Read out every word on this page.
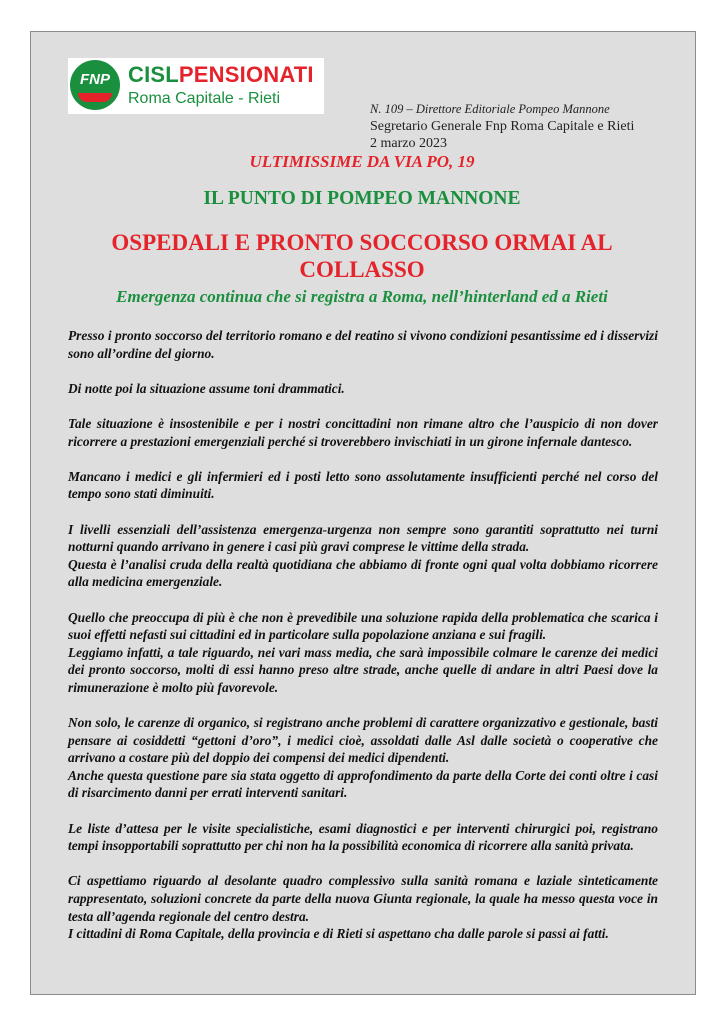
FNP CISLPENSIONATI
Roma Capitale - Rieti
N. 109 – Direttore Editoriale Pompeo Mannone
Segretario Generale Fnp Roma Capitale e Rieti
2 marzo 2023
ULTIMISSIME DA VIA PO, 19
IL PUNTO DI POMPEO MANNONE
OSPEDALI E PRONTO SOCCORSO ORMAI AL COLLASSO
Emergenza continua che si registra a Roma, nell’hinterland ed a Rieti

Presso i pronto soccorso del territorio romano e del reatino si vivono condizioni pesantissime ed i disservizi sono all’ordine del giorno.

Di notte poi la situazione assume toni drammatici.

Tale situazione è insostenibile e per i nostri concittadini non rimane altro che l’auspicio di non dover ricorrere a prestazioni emergenziali perché si troverebbero invischiati in un girone infernale dantesco.

Mancano i medici e gli infermieri ed i posti letto sono assolutamente insufficienti perché nel corso del tempo sono stati diminuiti.

I livelli essenziali dell’assistenza emergenza-urgenza non sempre sono garantiti soprattutto nei turni notturni quando arrivano in genere i casi più gravi comprese le vittime della strada.

Questa è l’analisi cruda della realtà quotidiana che abbiamo di fronte ogni qual volta dobbiamo ricorrere alla medicina emergenziale.

Quello che preoccupa di più è che non è prevedibile una soluzione rapida della problematica che scarica i suoi effetti nefasti sui cittadini ed in particolare sulla popolazione anziana e sui fragili.

Leggiamo infatti, a tale riguardo, nei vari mass media, che sarà impossibile colmare le carenze dei medici dei pronto soccorso, molti di essi hanno preso altre strade, anche quelle di andare in altri Paesi dove la rimunerazione è molto più favorevole.

Non solo, le carenze di organico, si registrano anche problemi di carattere organizzativo e gestionale, basti pensare ai cosiddetti “gettoni d’oro”, i medici cioè, assoldati dalle Asl dalle società o cooperative che arrivano a costare più del doppio dei compensi dei medici dipendenti.

Anche questa questione pare sia stata oggetto di approfondimento da parte della Corte dei conti oltre i casi di risarcimento danni per errati interventi sanitari.

Le liste d’attesa per le visite specialistiche, esami diagnostici e per interventi chirurgici poi, registrano tempi insopportabili soprattutto per chi non ha la possibilità economica di ricorrere alla sanità privata.

Ci aspettiamo riguardo al desolante quadro complessivo sulla sanità romana e laziale sinteticamente rappresentato, soluzioni concrete da parte della nuova Giunta regionale, la quale ha messo questa voce in testa all’agenda regionale del centro destra.

I cittadini di Roma Capitale, della provincia e di Rieti si aspettano cha dalle parole si passi ai fatti.
